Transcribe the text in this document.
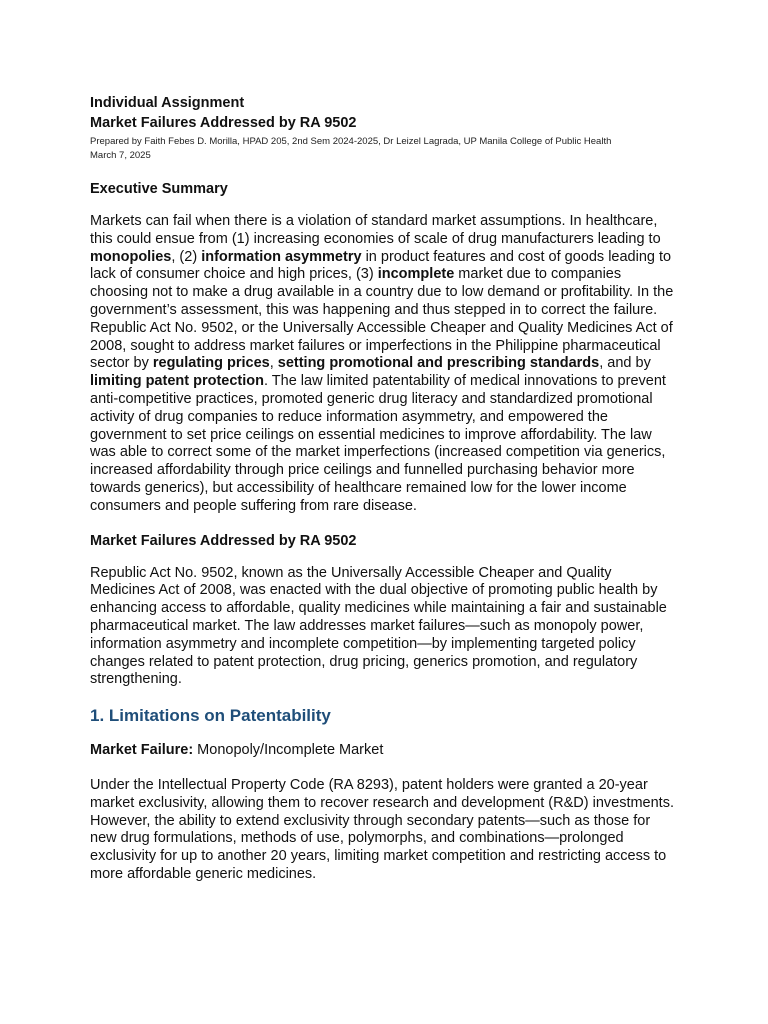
Individual Assignment

Market Failures Addressed by RA 9502

Prepared by Faith Febes D. Morilla, HPAD 205, 2nd Sem 2024-2025, Dr Leizel Lagrada, UP Manila College of Public Health

March 7, 2025

Executive Summary

Markets can fail when there is a violation of standard market assumptions. In healthcare, this could ensue from (1) increasing economies of scale of drug manufacturers leading to monopolies, (2) information asymmetry in product features and cost of goods leading to lack of consumer choice and high prices, (3) incomplete market due to companies choosing not to make a drug available in a country due to low demand or profitability. In the government’s assessment, this was happening and thus stepped in to correct the failure. Republic Act No. 9502, or the Universally Accessible Cheaper and Quality Medicines Act of 2008, sought to address market failures or imperfections in the Philippine pharmaceutical sector by regulating prices, setting promotional and prescribing standards, and by limiting patent protection. The law limited patentability of medical innovations to prevent anti-competitive practices, promoted generic drug literacy and standardized promotional activity of drug companies to reduce information asymmetry, and empowered the government to set price ceilings on essential medicines to improve affordability. The law was able to correct some of the market imperfections (increased competition via generics, increased affordability through price ceilings and funnelled purchasing behavior more towards generics), but accessibility of healthcare remained low for the lower income consumers and people suffering from rare disease.

Market Failures Addressed by RA 9502

Republic Act No. 9502, known as the Universally Accessible Cheaper and Quality Medicines Act of 2008, was enacted with the dual objective of promoting public health by enhancing access to affordable, quality medicines while maintaining a fair and sustainable pharmaceutical market. The law addresses market failures—such as monopoly power, information asymmetry and incomplete competition—by implementing targeted policy changes related to patent protection, drug pricing, generics promotion, and regulatory strengthening.

1. Limitations on Patentability

Market Failure: Monopoly/Incomplete Market

Under the Intellectual Property Code (RA 8293), patent holders were granted a 20-year market exclusivity, allowing them to recover research and development (R&D) investments. However, the ability to extend exclusivity through secondary patents—such as those for new drug formulations, methods of use, polymorphs, and combinations—prolonged exclusivity for up to another 20 years, limiting market competition and restricting access to more affordable generic medicines.
